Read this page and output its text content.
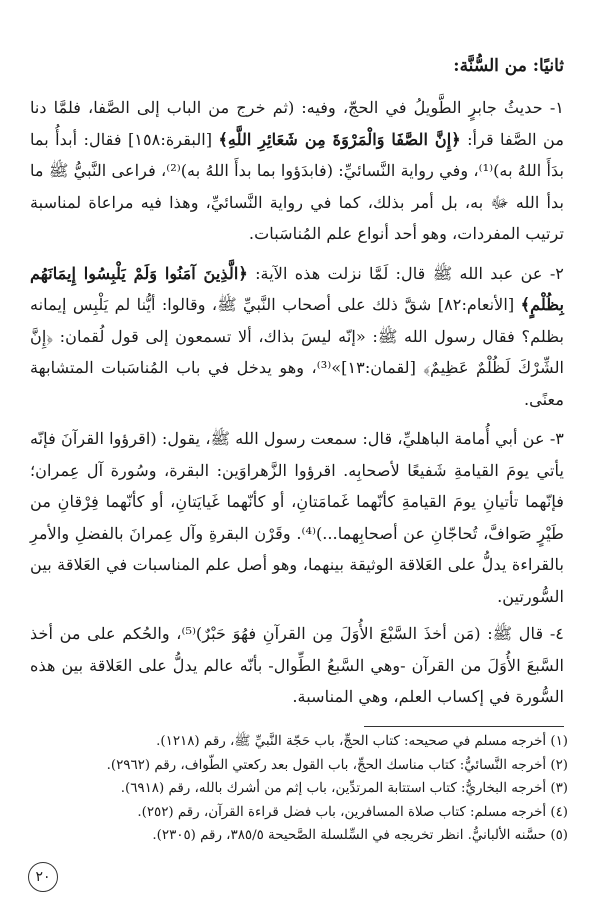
ثانيًا: من السُّنَّة:

١- حديثُ جابرٍ الطَّويلُ في الحجّ، وفيه: (ثم خرج من الباب إلى الصَّفا، فلمَّا دنا من الصَّفا قرأ: ﴿إِنَّ الصَّفَا وَالْمَرْوَةَ مِن شَعَائِرِ اللَّهِ﴾ [البقرة:١٥٨] فقال: أبدأُ بما بدَأَ اللهُ به)⁽¹⁾، وفي رواية النَّسائيِّ: (فابدَؤوا بما بدأَ اللهُ به)⁽²⁾، فراعى النَّبيُّ ﷺ ما بدأ الله ﷻ به، بل أمر بذلك، كما في رواية النَّسائيِّ، وهذا فيه مراعاة لمناسبة ترتيب المفردات، وهو أحد أنواع علم المُناسَبات.

٢- عن عبد الله ﷺ قال: لَمَّا نزلت هذه الآية: ﴿الَّذِينَ آمَنُوا وَلَمْ يَلْبِسُوا إِيمَانَهُم بِظُلْمٍ﴾ [الأنعام:٨٢] شقَّ ذلك على أصحاب النَّبيِّ ﷺ، وقالوا: أيُّنا لم يَلْبِس إيمانه بظلم؟ فقال رسول الله ﷺ: «إنّه ليسَ بذاك، ألا تسمعون إلى قول لُقمان: ﴿إِنَّ الشِّرْكَ لَظُلْمٌ عَظِيمٌ﴾ [لقمان:١٣]»⁽³⁾، وهو يدخل في باب المُناسَبات المتشابهة معنًى.

٣- عن أبي أُمامة الباهليِّ، قال: سمعت رسول الله ﷺ، يقول: (اقرؤوا القرآنَ فإنّه يأتي يومَ القيامةِ شَفيعًا لأصحابِه. اقرؤوا الزَّهراوَين: البقرة، وسُورة آل عِمران؛ فإنّهما تأتيانِ يومَ القيامةِ كأنّهما غَمامَتانِ، أو كأنّهما غَيايَتانِ، أو كأنّهما فِرْقانِ من طَيْرٍ صَوافَّ، تُحاجّانِ عن أصحابِهما...)⁽⁴⁾. وقَرْن البقرةِ وآل عِمرانَ بالفضلِ والأمرِ بالقراءة يدلُّ على العَلاقة الوثيقة بينهما، وهو أصل علم المناسبات في العَلاقة بين السُّورتين.

٤- قال ﷺ: (مَن أخذَ السَّبْعَ الأُوَلَ مِن القرآنِ فهُوَ حَبْرٌ)⁽⁵⁾، والحُكم على من أخذ السَّبعَ الأُوَلَ من القرآن -وهي السَّبعُ الطِّوال- بأنّه عالم يدلُّ على العَلاقة بين هذه السُّورة في إكساب العلم، وهي المناسبة.

(١) أخرجه مسلم في صحيحه: كتاب الحجِّ، باب حَجّة النَّبيِّ ﷺ، رقم (١٢١٨).
(٢) أخرجه النَّسائيُّ: كتاب مناسك الحجِّ، باب القول بعد ركعتي الطَّواف، رقم (٢٩٦٢).
(٣) أخرجه البخاريُّ: كتاب استتابة المرتدِّين، باب إثم من أشرك بالله، رقم (٦٩١٨).
(٤) أخرجه مسلم: كتاب صلاة المسافرين، باب فضل قراءة القرآن، رقم (٢٥٢).
(٥) حسَّنه الألبانيُّ. انظر تخريجه في السِّلسلة الصَّحيحة ٣٨٥/٥، رقم (٢٣٠٥).
٢٠
